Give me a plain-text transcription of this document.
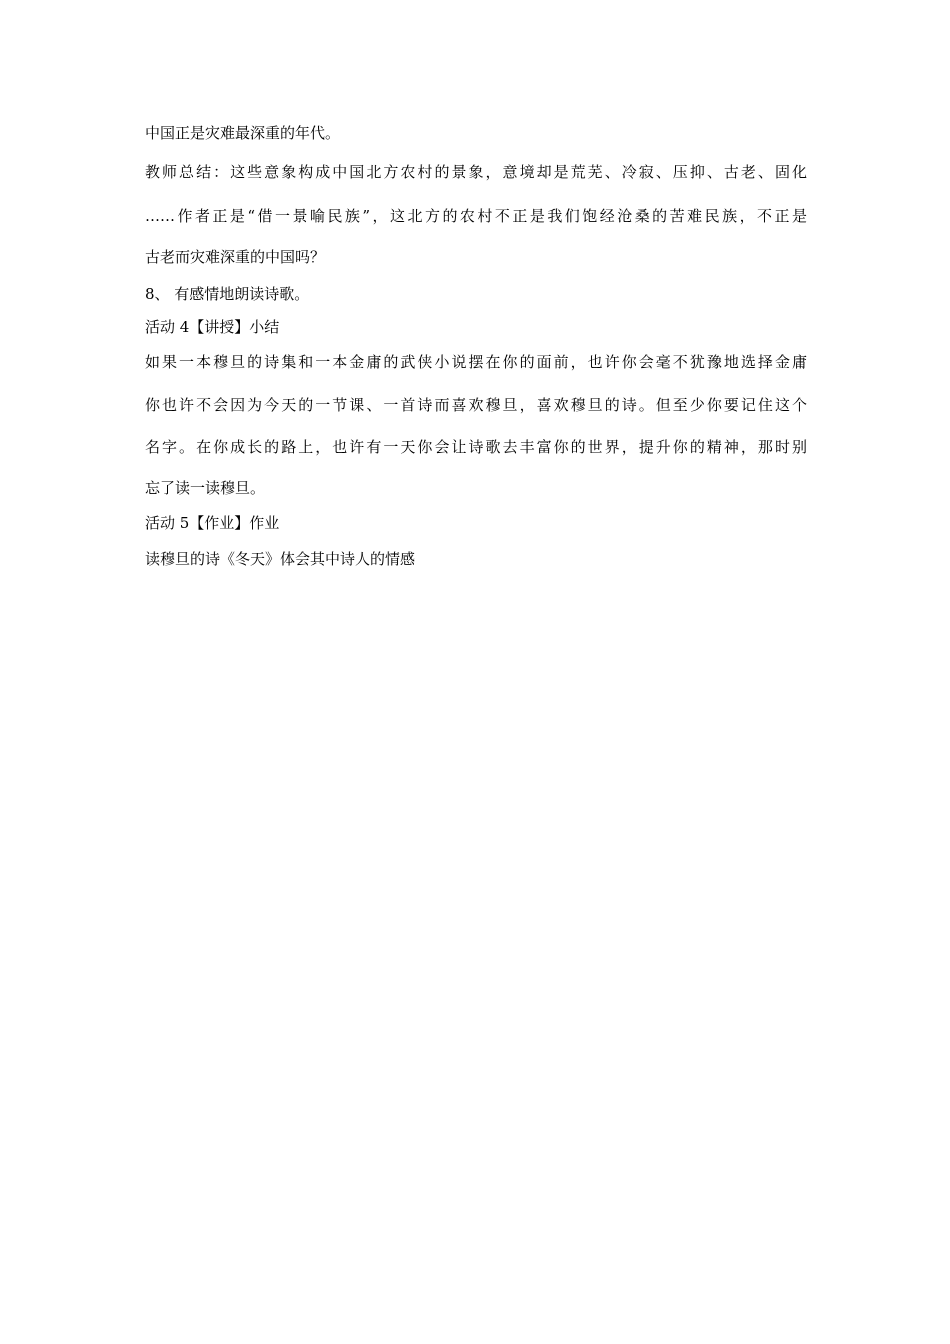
中国正是灾难最深重的年代。

教师总结：这些意象构成中国北方农村的景象，意境却是荒芜、冷寂、压抑、古老、固化

……作者正是“借一景喻民族”，这北方的农村不正是我们饱经沧桑的苦难民族，不正是

古老而灾难深重的中国吗？

8、 有感情地朗读诗歌。

活动 4【讲授】小结

如果一本穆旦的诗集和一本金庸的武侠小说摆在你的面前，也许你会毫不犹豫地选择金庸

你也许不会因为今天的一节课、一首诗而喜欢穆旦，喜欢穆旦的诗。但至少你要记住这个

名字。在你成长的路上，也许有一天你会让诗歌去丰富你的世界，提升你的精神，那时别

忘了读一读穆旦。

活动 5【作业】作业

读穆旦的诗《冬天》体会其中诗人的情感
